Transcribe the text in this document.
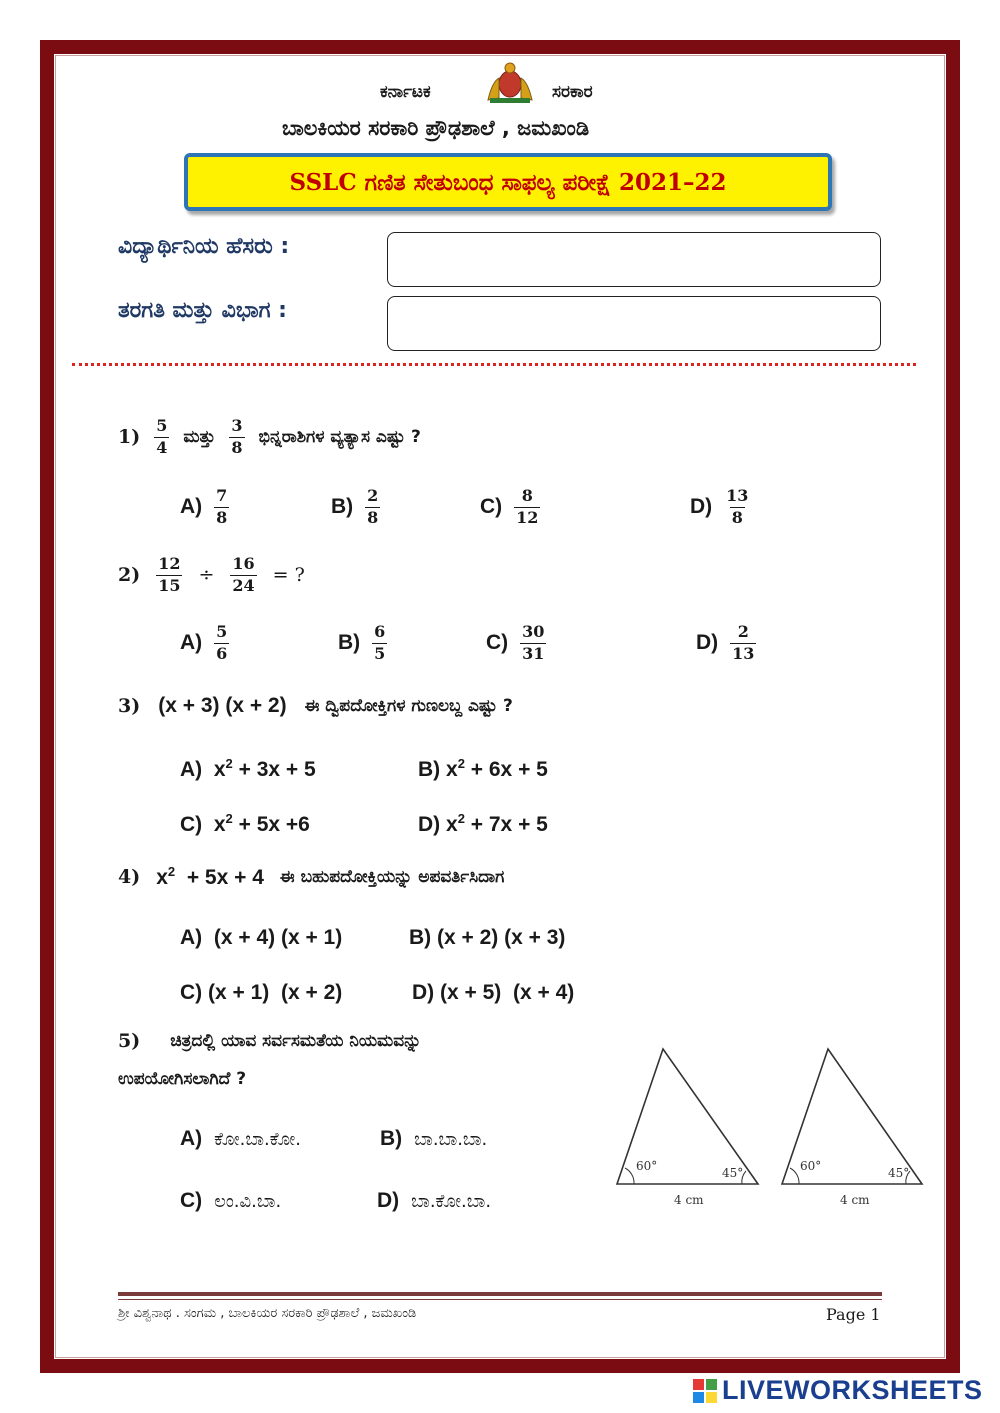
ಕರ್ನಾಟಕ	ಸರಕಾರ
ಬಾಲಕಿಯರ ಸರಕಾರಿ ಪ್ರೌಢಶಾಲೆ , ಜಮಖಂಡಿ
SSLC ಗಣಿತ ಸೇತುಬಂಧ ಸಾಫಲ್ಯ ಪರೀಕ್ಷೆ 2021–22
ವಿದ್ಯಾರ್ಥಿನಿಯ ಹೆಸರು :
ತರಗತಿ ಮತ್ತು ವಿಭಾಗ :
$1) \frac{5}{4}$ ಮತ್ತು $\frac{3}{8}$ ಭಿನ್ನರಾಶಿಗಳ ವ್ಯತ್ಯಾಸ ಎಷ್ಟು ?
$A) \frac{7}{8}$	$B) \frac{2}{8}$	$C) \frac{8}{12}$	$D) \frac{13}{8}$
$2) \frac{12}{15} \div \frac{16}{24}$ = ?
$A) \frac{5}{6}$	$B) \frac{6}{5}$	$C) \frac{30}{31}$	$D) \frac{2}{13}$
3) (x + 3) (x + 2) ಈ ದ್ವಿಪದೋಕ್ತಿಗಳ ಗುಣಲಬ್ದ ಎಷ್ಟು ?
A) $x^2 + 3x + 5$	B) $x^2 + 6x + 5$
C) $x^2 + 5x +6$	D) $x^2 + 7x + 5$
4) $x^2 + 5x + 4$ ಈ ಬಹುಪದೋಕ್ತಿಯನ್ನು ಅಪವರ್ತಿಸಿದಾಗ
A) (x + 4) (x + 1)	B) (x + 2) (x + 3)
C) (x + 1)  (x + 2)	D) (x + 5)  (x + 4)
5) ಚಿತ್ರದಲ್ಲಿ ಯಾವ ಸರ್ವಸಮತೆಯ ನಿಯಮವನ್ನು
ಉಪಯೋಗಿಸಲಾಗಿದೆ ?
A) ಕೋ.ಬಾ.ಕೋ.	B) ಬಾ.ಬಾ.ಬಾ.
C) ಲಂ.ವಿ.ಬಾ.	D) ಬಾ.ಕೋ.ಬಾ.
60°	45°
4 cm
60°	45°
4 cm
ಶ್ರೀ ವಿಶ್ವನಾಥ . ಸಂಗಮ , ಬಾಲಕಿಯರ ಸರಕಾರಿ ಪ್ರೌಢಶಾಲೆ , ಜಮಖಂಡಿ	Page 1
LIVEWORKSHEETS
